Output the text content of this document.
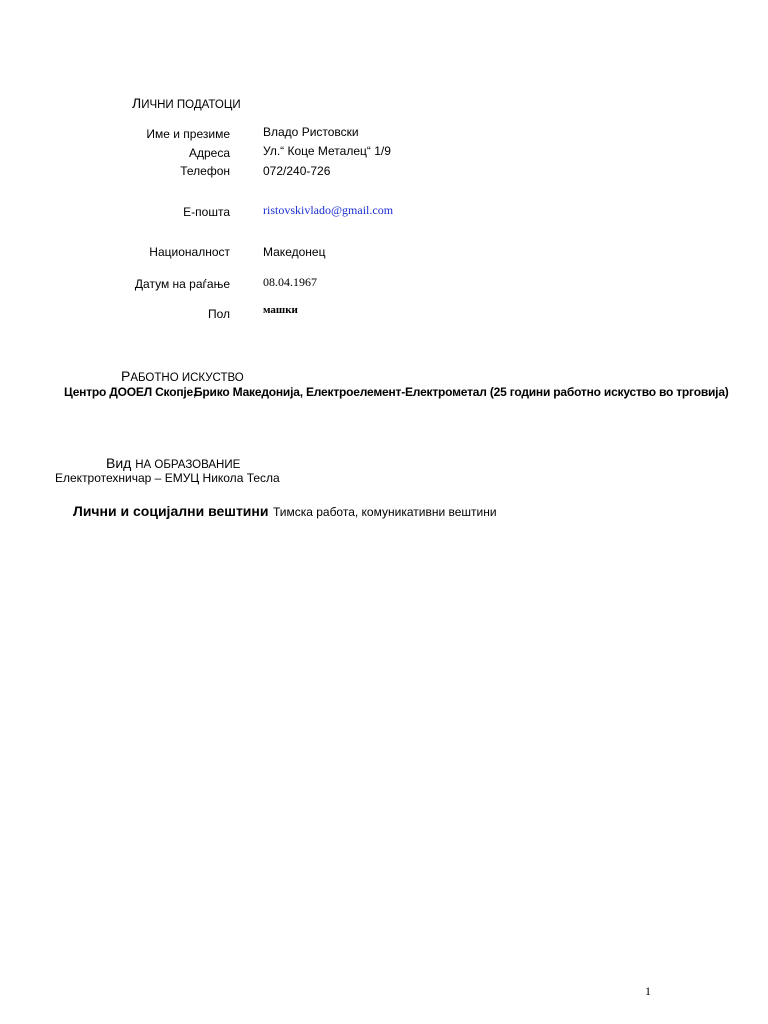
ЛИЧНИ ПОДАТОЦИ
Име и презиме	Владо Ристовски
Адреса	Ул.“ Коце Металец“ 1/9
Телефон	072/240-726
Е-пошта	ristovskivlado@gmail.com
Националност	Македонец
Датум на раѓање	08.04.1967
Пол	машки
РАБОТНО ИСКУСТВО
Центро ДООЕЛ Скопје,
Брико Македонија, Електроелемент-Електрометал (25 години работно искуство во трговија)
Вид НА ОБРАЗОВАНИЕ
Електротехничар – ЕМУЦ Никола Тесла
Лични и социјални вештини Тимска работа, комуникативни вештини
1
